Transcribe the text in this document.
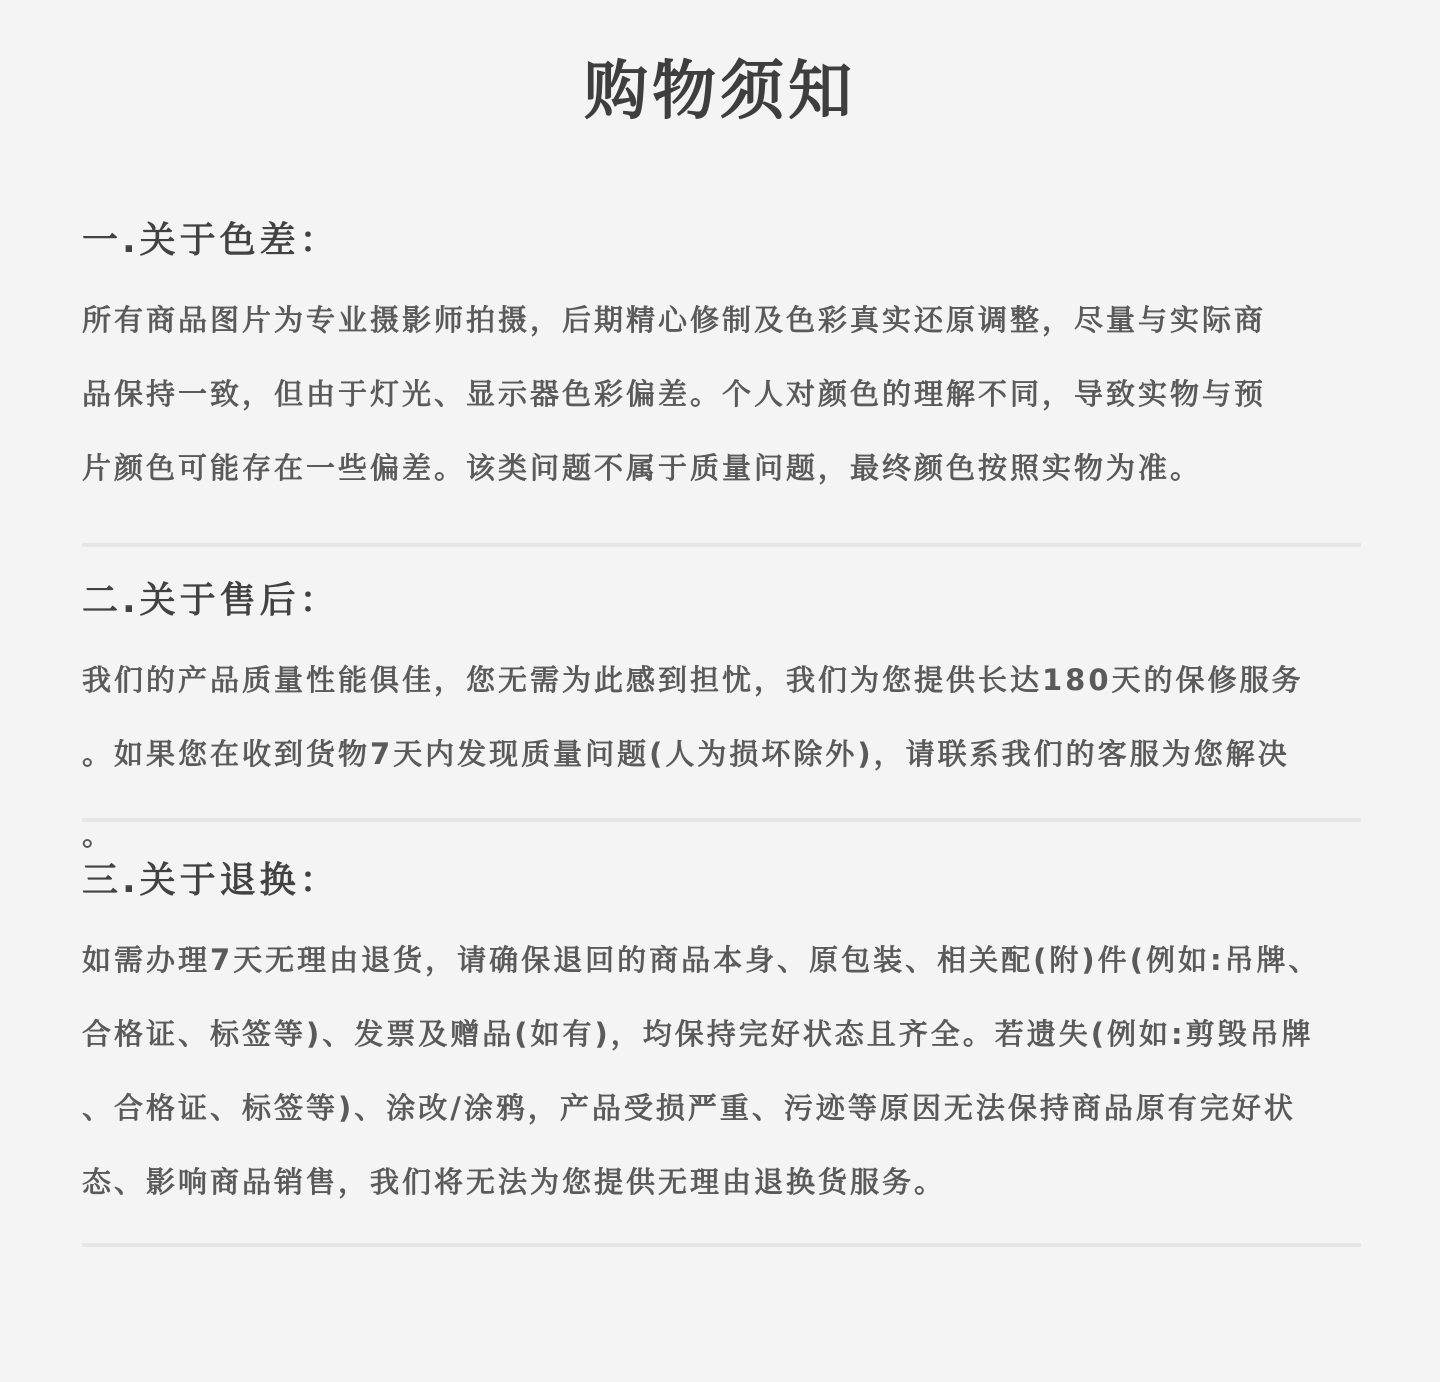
购物须知
一.关于色差：
所有商品图片为专业摄影师拍摄，后期精心修制及色彩真实还原调整，尽量与实际商
品保持一致，但由于灯光、显示器色彩偏差。个人对颜色的理解不同，导致实物与预
片颜色可能存在一些偏差。该类问题不属于质量问题，最终颜色按照实物为准。
二.关于售后：
我们的产品质量性能俱佳，您无需为此感到担忧，我们为您提供长达180天的保修服务
。如果您在收到货物7天内发现质量问题(人为损坏除外)，请联系我们的客服为您解决
。
三.关于退换：
如需办理7天无理由退货，请确保退回的商品本身、原包装、相关配(附)件(例如:吊牌、
合格证、标签等)、发票及赠品(如有)，均保持完好状态且齐全。若遗失(例如:剪毁吊牌
、合格证、标签等)、涂改/涂鸦，产品受损严重、污迹等原因无法保持商品原有完好状
态、影响商品销售，我们将无法为您提供无理由退换货服务。
